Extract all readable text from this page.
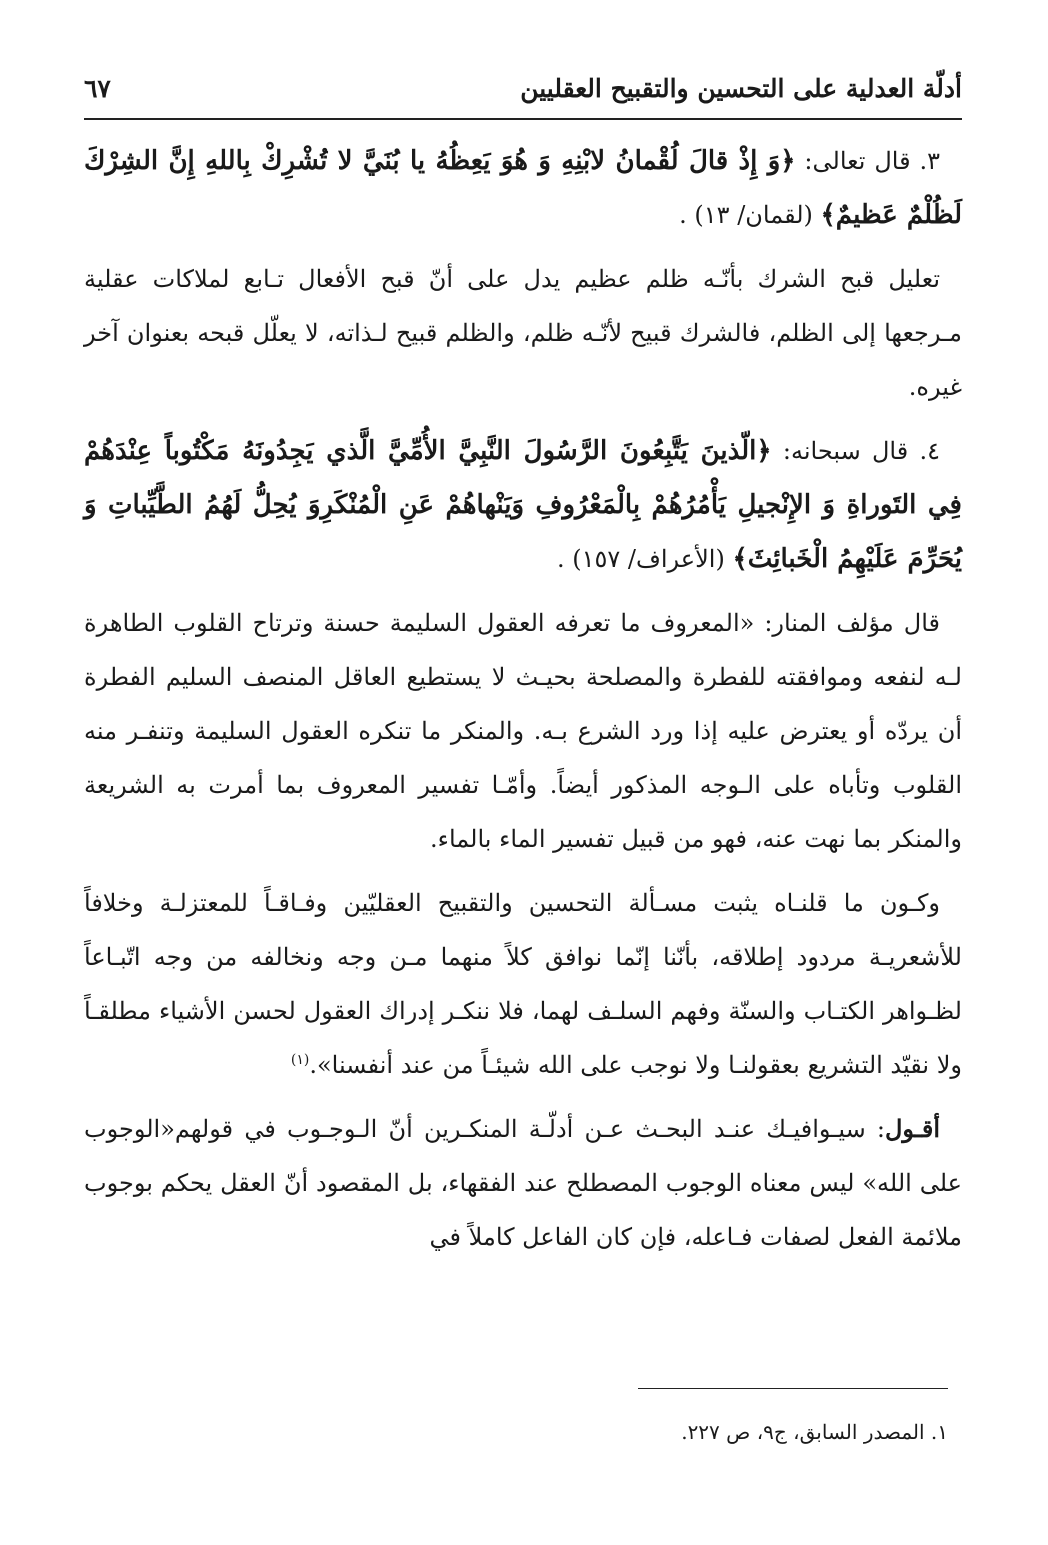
أدلّة العدلية على التحسين والتقبيح العقليين
٦٧

٣. قال تعالى: ﴿وَ إِذْ قالَ لُقْمانُ لابْنِهِ وَ هُوَ يَعِظُهُ يا بُنَيَّ لا تُشْرِكْ بِاللهِ إِنَّ الشِرْكَ لَظُلْمٌ عَظيمٌ﴾ (لقمان/ ١٣) .

تعليل قبح الشرك بأنّـه ظلم عظيم يدل على أنّ قبح الأفعال تـابع لملاكات عقلية مـرجعها إلى الظلم، فالشرك قبيح لأنّـه ظلم، والظلم قبيح لـذاته، لا يعلّل قبحه بعنوان آخر غيره.

٤. قال سبحانه: ﴿الّذينَ يَتَّبِعُونَ الرَّسُولَ النَّبِيَّ الأُمِّيَّ الَّذي يَجِدُونَهُ مَكْتُوباً عِنْدَهُمْ فِي التَوراةِ وَ الإِنْجيلِ يَأْمُرُهُمْ بِالْمَعْرُوفِ وَيَنْهاهُمْ عَنِ الْمُنْكَرِوَ يُحِلُّ لَهُمُ الطَّيِّباتِ وَ يُحَرِّمَ عَلَيْهِمُ الْخَبائِثَ﴾ (الأعراف/ ١٥٧) .

قال مؤلف المنار: «المعروف ما تعرفه العقول السليمة حسنة وترتاح القلوب الطاهرة لـه لنفعه وموافقته للفطرة والمصلحة بحيـث لا يستطيع العاقل المنصف السليم الفطرة أن يردّه أو يعترض عليه إذا ورد الشرع بـه. والمنكر ما تنكره العقول السليمة وتنفـر منه القلوب وتأباه على الـوجه المذكور أيضاً. وأمّـا تفسير المعروف بما أمرت به الشريعة والمنكر بما نهت عنه، فهو من قبيل تفسير الماء بالماء.

وكـون ما قلنـاه يثبت مسـألة التحسين والتقبيح العقليّين وفـاقـاً للمعتزلـة وخلافاً للأشعريـة مردود إطلاقه، بأنّنا إنّما نوافق كلاً منهما مـن وجه ونخالفه من وجه اتّبـاعاً لظـواهر الكتـاب والسنّة وفهم السلـف لهما، فلا ننكـر إدراك العقول لحسن الأشياء مطلقـاً ولا نقيّد التشريع بعقولنـا ولا نوجب على الله شيئـاً من عند أنفسنا».$^{(١)}$

أقـول: سيـوافيـك عنـد البحـث عـن أدلّـة المنكـرين أنّ الـوجـوب في قولهم«الوجوب على الله» ليس معناه الوجوب المصطلح عند الفقهاء، بل المقصود أنّ العقل يحكم بوجوب ملائمة الفعل لصفات فـاعله، فإن كان الفاعل كاملاً في

١. المصدر السابق، ج٩، ص ٢٢٧.
